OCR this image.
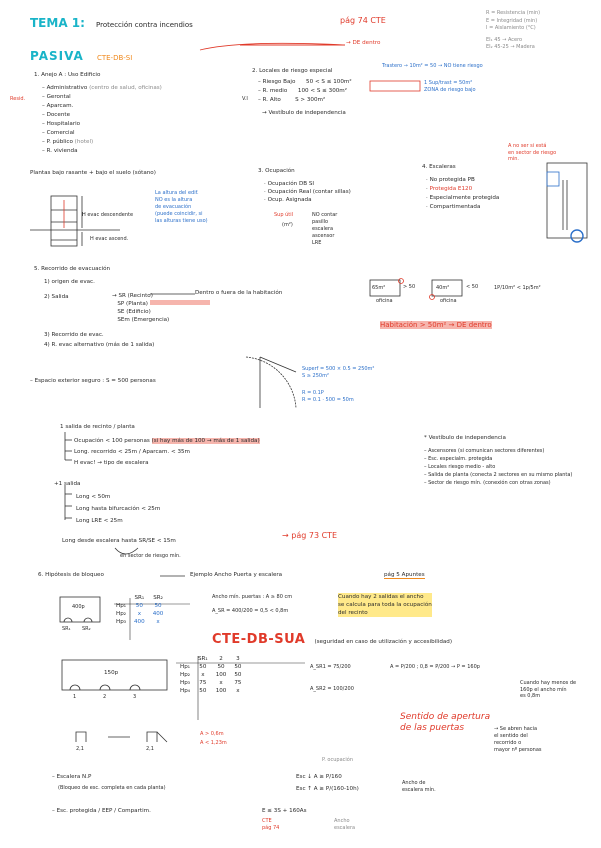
TEMA 1: Protección contra incendios
R = Resistencia (min)
E = Integridad (min)
I = Aislamiento (°C)
EI₁ 45 → Acero
EI₂ 45-25 → Madera
PASIVA CTE-DB-SI
1. Anejo A : Uso Edificio
– Administrativo (centro de salud, oficinas)
– Gerontal
– Aparcam.
– Docente
– Hospitalario
– Comercial
– P. público (hotel)
– R. vivienda
Resid.
Plantas bajo rasante + bajo el suelo (sótano)
La altura del edif.
NO es la altura
de evacuación
(puede coincidir, si
las alturas tiene uso)
H evac descendente
H evac ascend.
2. Locales de riesgo especial
– Riesgo Bajo 50 < S ≤ 100m²
– R. medio 100 < S ≤ 300m²
– R. Alto	S > 300m²
V.I
→ Vestíbulo de independencia
→ DE dentro
pág 74 CTE
Trastero → 10m² = 50 → NO tiene riesgo
1 Sup/trast = 50m²
ZONA de riesgo bajo
3. Ocupación
· Ocupación DB SI
· Ocupación Real (contar sillas)
· Ocup. Asignada
Sup útil
(m²)
NO contar
pasillo
escalera
ascensor
LRE
4. Escaleras
· No protegida PB
· Protegida E120
· Especialmente protegida
· Compartimentada
A no ser si está
en sector de riesgo
min.
5. Recorrido de evacuación
1) origen de evac.
Dentro o fuera de la habitación
2) Salida	→ SR (Recinto)
SP (Planta)
SE (Edificio)
SEm (Emergencia)
3) Recorrido de evac.
4) R. evac alternativo (más de 1 salida)
65m²	> 50	40m²	< 50
oficina	oficina
1P/10m² < 1p/5m²
Habitación > 50m² → DE dentro
– Espacio exterior seguro : S = 500 personas
Superf = 500 × 0.5 = 250m²
S ≥ 250m²
R = 0.1P
R = 0.1 · 500 = 50m
1 salida de recinto / planta
Ocupación < 100 personas (si hay más de 100 → más de 1 salida)
Long. recorrido < 25m / Aparcam. < 35m
H evac! → tipo de escalera
+1 salida
Long < 50m
Long hasta bifurcación < 25m
Long LRE < 25m
Long desde escalera hasta SR/SE < 15m
→ pág 73 CTE
en sector de riesgo mín.
* Vestíbulo de independencia
– Ascensores (si comunican sectores diferentes)
– Esc. especialm. protegida
– Locales riesgo medio - alto
– Salida de planta (conecta 2 sectores en su mismo planta)
– Sector de riesgo mín. (conexión con otras zonas)
6. Hipótesis de bloqueo	Ejemplo Ancho Puerta y escalera	pág 5 Apuntes
Cuando hay 2 salidas el ancho
se calcula para toda la ocupación
del recinto
400p
SR₁ SR₂
	SR₁	SR₂
Hp₁	50	50
Hp₂	x	400
Hp₃	400	x
Ancho mín. puertas : A ≥ 80 cm
A_SR = 400/200 = 0,5 < 0,8m
CTE-DB-SUA (seguridad en caso de utilización y accesibilidad)
150p
1	2	3
	SR₁	2	3
Hp₁	50	50	50
Hp₂	x	100	50
Hp₃	75	x	75
Hp₄	50	100	x
A_SR1 = 75/200
A_SR2 = 100/200
A = P/200 ; 0,8 = P/200 → P = 160p
Cuando hay menos de
160p el ancho mín
es 0,8m
Sentido de apertura
de las puertas	→ Se abren hacia
el sentido del
recorrido o
mayor nº personas
A > 0,6m
A < 1,23m
2,1	2,1
P. ocupación
– Escalera N.P
(Bloqueo de esc. completa en cada planta)
Esc ↓ A ≥ P/160
Esc ↑ A ≥ P/(160-10h)
Ancho de
escalera mín.
– Esc. protegida / EEP / Compartim.	E ≤ 3S + 160As
CTE
pág 74
Ancho
escalera
